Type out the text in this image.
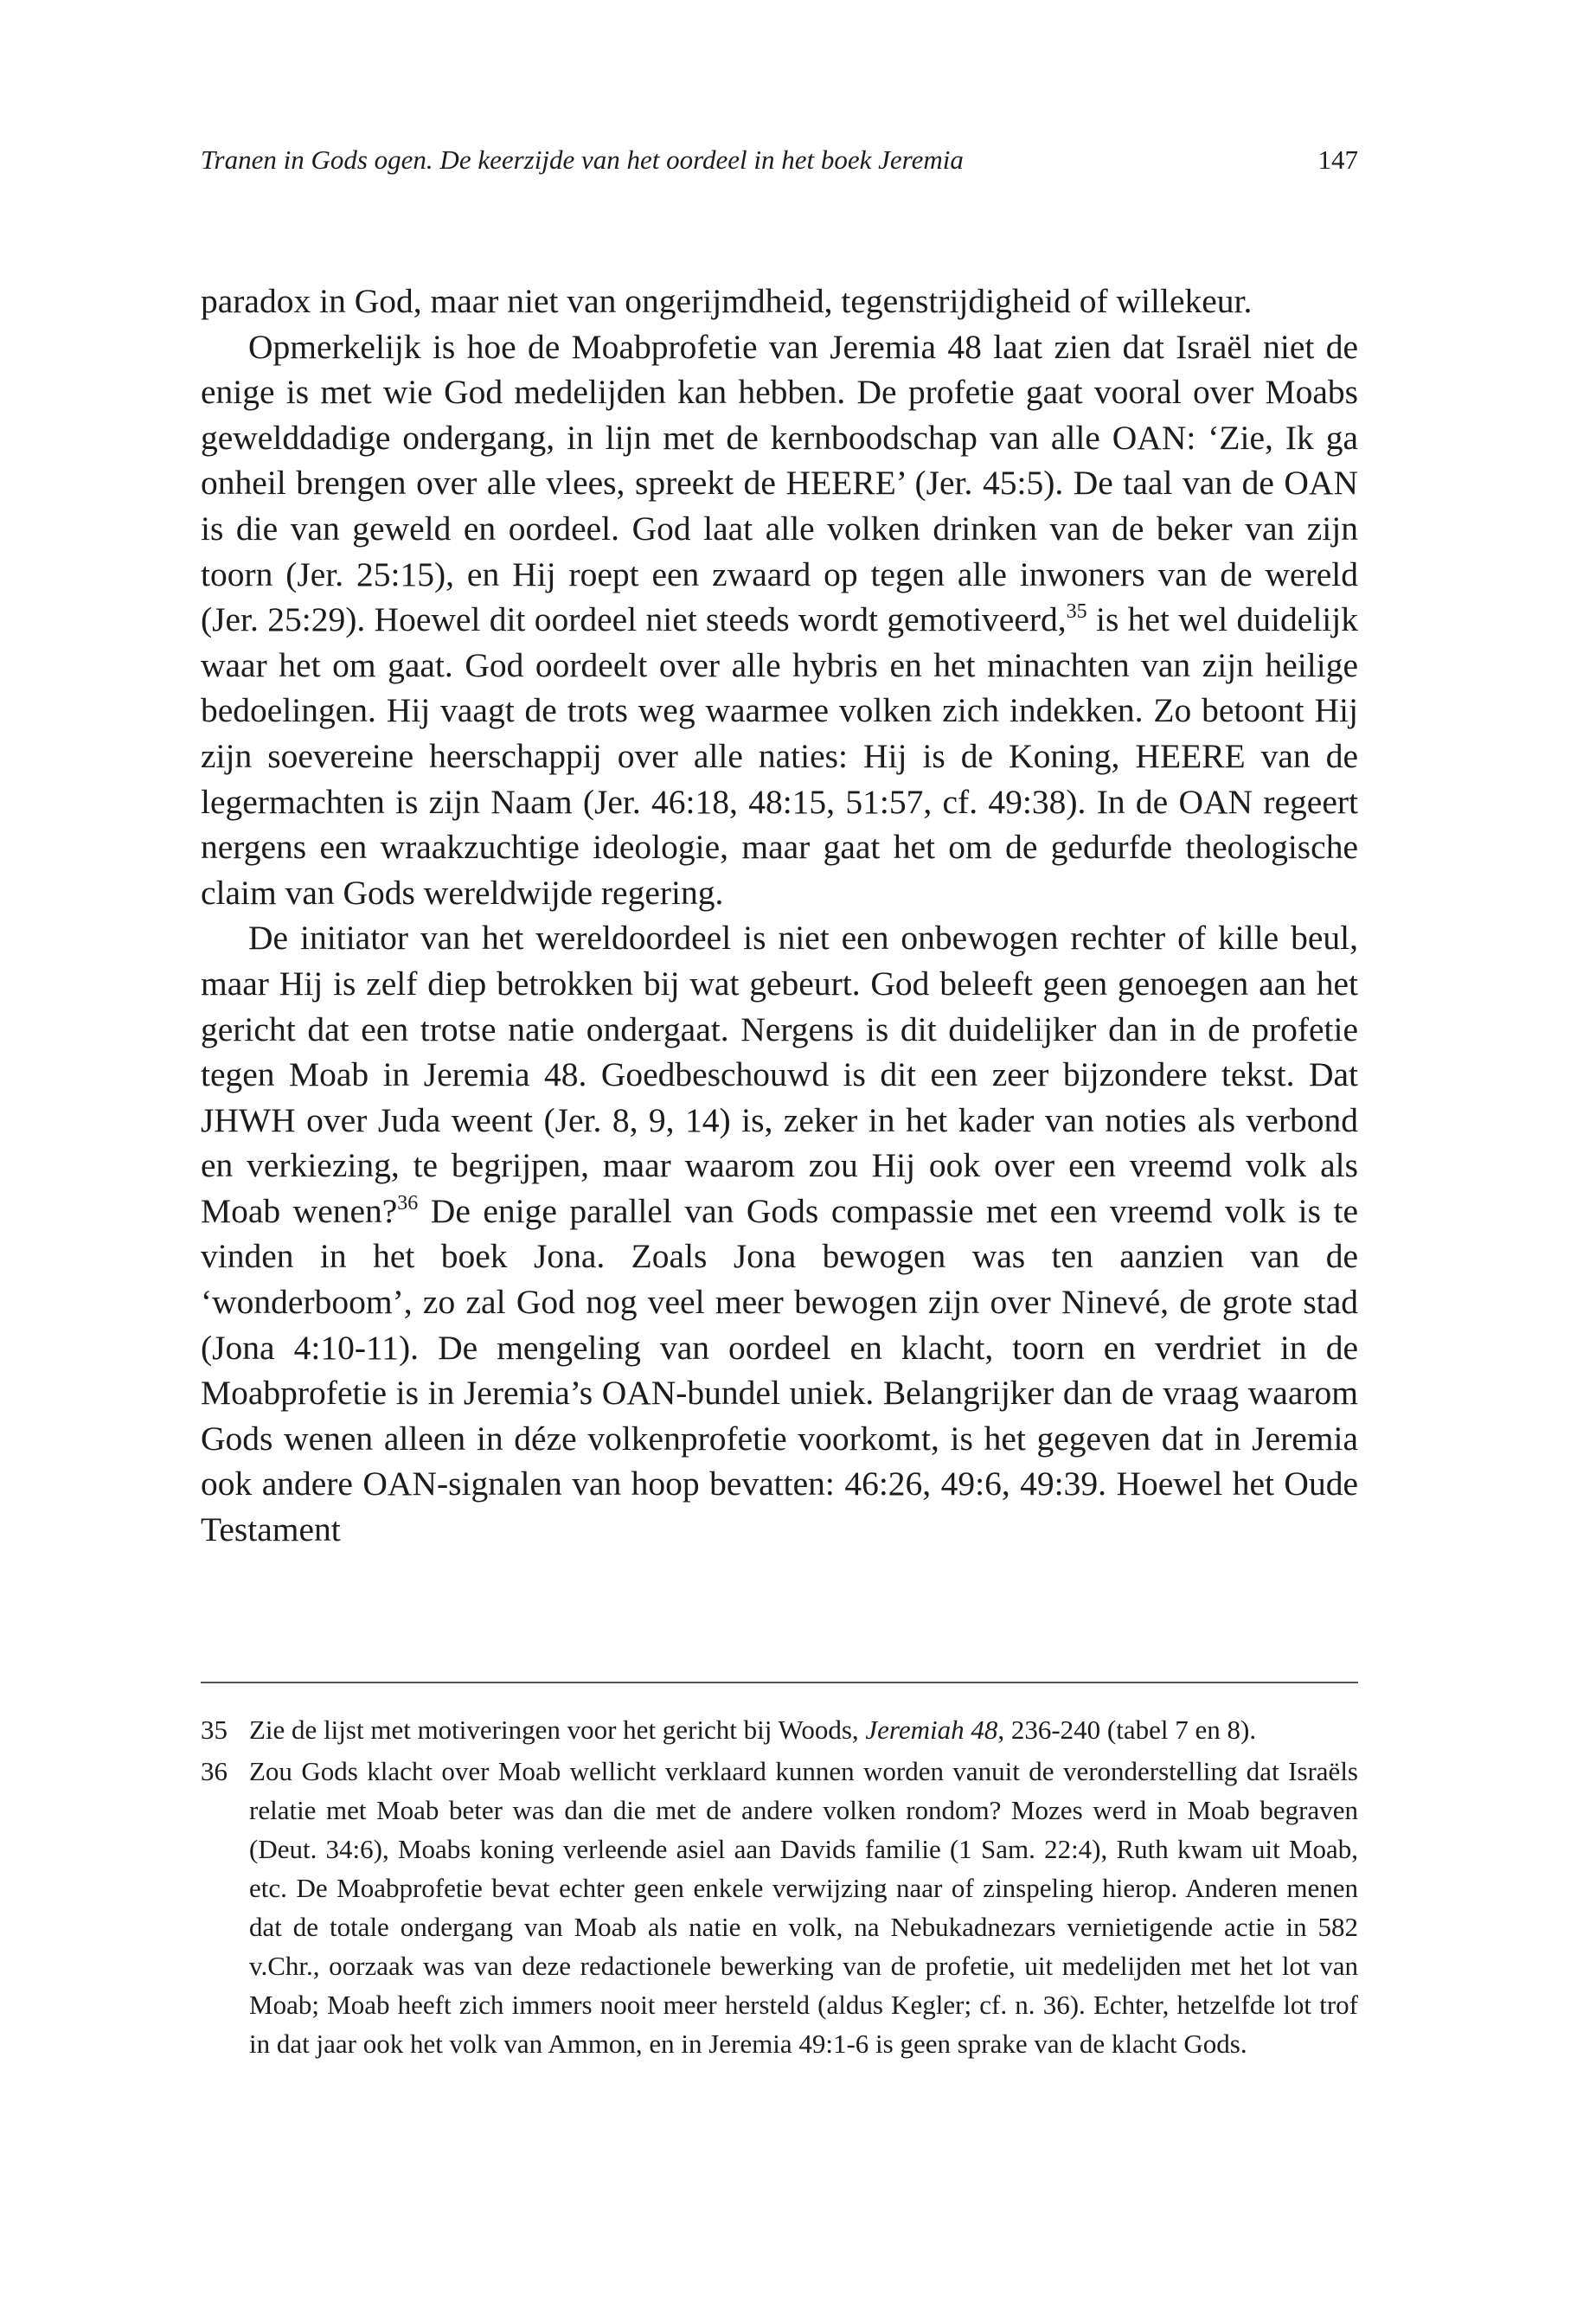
Tranen in Gods ogen. De keerzijde van het oordeel in het boek Jeremia	147

paradox in God, maar niet van ongerijmdheid, tegenstrijdigheid of willekeur.

Opmerkelijk is hoe de Moabprofetie van Jeremia 48 laat zien dat Israël niet de enige is met wie God medelijden kan hebben. De profetie gaat vooral over Moabs gewelddadige ondergang, in lijn met de kernboodschap van alle OAN: ‘Zie, Ik ga onheil brengen over alle vlees, spreekt de HEERE’ (Jer. 45:5). De taal van de OAN is die van geweld en oordeel. God laat alle volken drinken van de beker van zijn toorn (Jer. 25:15), en Hij roept een zwaard op tegen alle inwoners van de wereld (Jer. 25:29). Hoewel dit oordeel niet steeds wordt gemotiveerd,$^{35}$ is het wel duidelijk waar het om gaat. God oordeelt over alle hybris en het minachten van zijn heilige bedoelingen. Hij vaagt de trots weg waarmee volken zich indekken. Zo betoont Hij zijn soevereine heerschappij over alle naties: Hij is de Koning, HEERE van de legermachten is zijn Naam (Jer. 46:18, 48:15, 51:57, cf. 49:38). In de OAN regeert nergens een wraakzuchtige ideologie, maar gaat het om de gedurfde theologische claim van Gods wereldwijde regering.

De initiator van het wereldoordeel is niet een onbewogen rechter of kille beul, maar Hij is zelf diep betrokken bij wat gebeurt. God beleeft geen genoegen aan het gericht dat een trotse natie ondergaat. Nergens is dit duidelijker dan in de profetie tegen Moab in Jeremia 48. Goedbeschouwd is dit een zeer bijzondere tekst. Dat JHWH over Juda weent (Jer. 8, 9, 14) is, zeker in het kader van noties als verbond en verkiezing, te begrijpen, maar waarom zou Hij ook over een vreemd volk als Moab wenen?$^{36}$ De enige parallel van Gods compassie met een vreemd volk is te vinden in het boek Jona. Zoals Jona bewogen was ten aanzien van de ‘wonderboom’, zo zal God nog veel meer bewogen zijn over Ninevé, de grote stad (Jona 4:10-11). De mengeling van oordeel en klacht, toorn en verdriet in de Moabprofetie is in Jeremia’s OAN-bundel uniek. Belangrijker dan de vraag waarom Gods wenen alleen in déze volkenprofetie voorkomt, is het gegeven dat in Jeremia ook andere OAN-signalen van hoop bevatten: 46:26, 49:6, 49:39. Hoewel het Oude Testament

35 Zie de lijst met motiveringen voor het gericht bij Woods, Jeremiah 48, 236-240 (tabel 7 en 8).
36 Zou Gods klacht over Moab wellicht verklaard kunnen worden vanuit de veronderstelling dat Israëls relatie met Moab beter was dan die met de andere volken rondom? Mozes werd in Moab begraven (Deut. 34:6), Moabs koning verleende asiel aan Davids familie (1 Sam. 22:4), Ruth kwam uit Moab, etc. De Moabprofetie bevat echter geen enkele verwijzing naar of zinspeling hierop. Anderen menen dat de totale ondergang van Moab als natie en volk, na Nebukadnezars vernietigende actie in 582 v.Chr., oorzaak was van deze redactionele bewerking van de profetie, uit medelijden met het lot van Moab; Moab heeft zich immers nooit meer hersteld (aldus Kegler; cf. n. 36). Echter, hetzelfde lot trof in dat jaar ook het volk van Ammon, en in Jeremia 49:1-6 is geen sprake van de klacht Gods.
